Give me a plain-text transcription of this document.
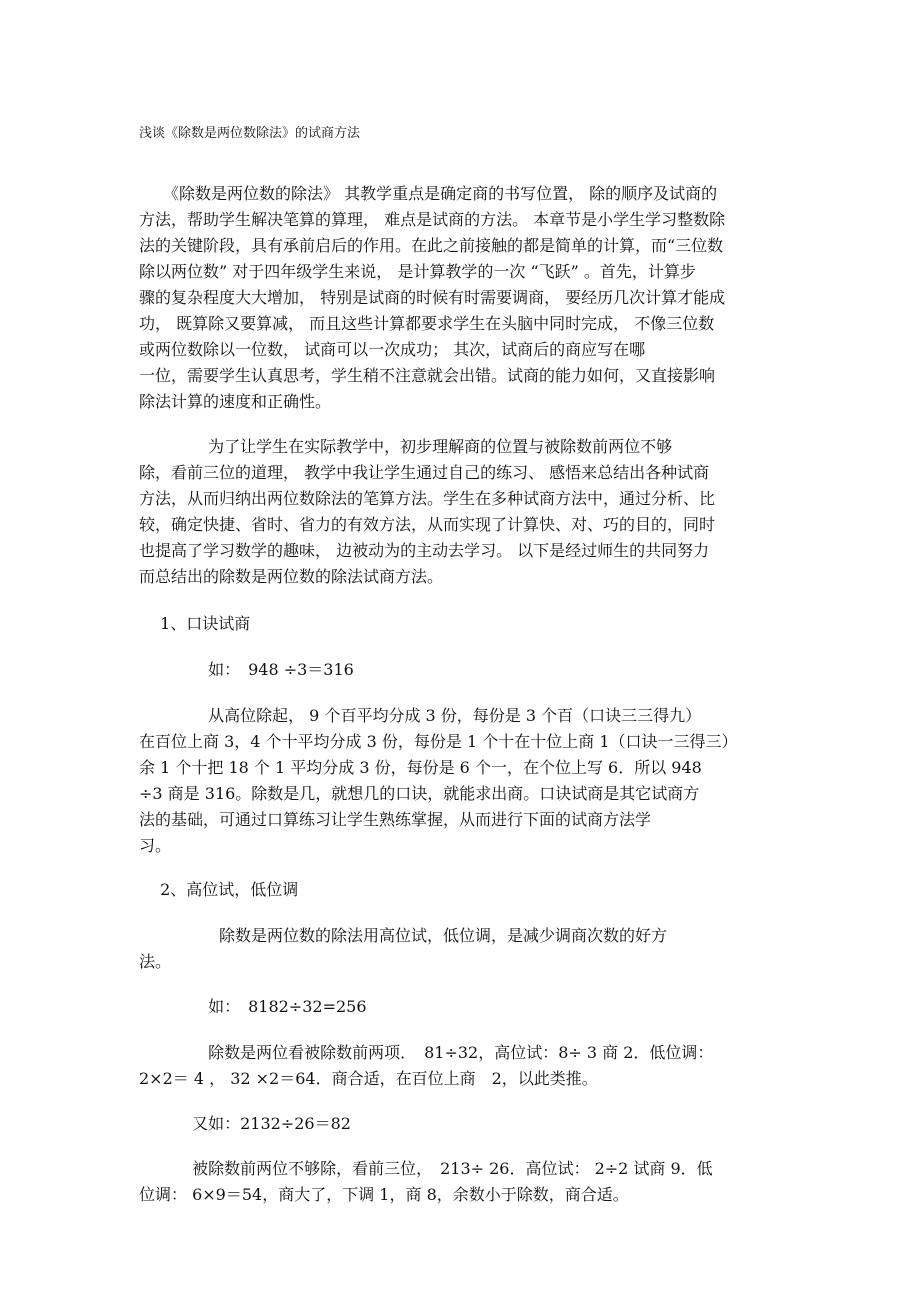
浅谈《除数是两位数除法》的试商方法
　　《除数是两位数的除法》 其教学重点是确定商的书写位置， 除的顺序及试商的
方法，帮助学生解决笔算的算理， 难点是试商的方法。 本章节是小学生学习整数除
法的关键阶段，具有承前启后的作用。在此之前接触的都是简单的计算，而“三位数
除以两位数” 对于四年级学生来说， 是计算教学的一次 “飞跃” 。首先，计算步
骤的复杂程度大大增加， 特别是试商的时候有时需要调商， 要经历几次计算才能成
功， 既算除又要算减， 而且这些计算都要求学生在头脑中同时完成， 不像三位数
或两位数除以一位数， 试商可以一次成功； 其次，试商后的商应写在哪
一位，需要学生认真思考，学生稍不注意就会出错。试商的能力如何，又直接影响
除法计算的速度和正确性。
　　　　 为了让学生在实际教学中，初步理解商的位置与被除数前两位不够
除，看前三位的道理， 教学中我让学生通过自己的练习、 感悟来总结出各种试商
方法，从而归纳出两位数除法的笔算方法。学生在多种试商方法中，通过分析、比
较，确定快捷、省时、省力的有效方法，从而实现了计算快、对、巧的目的，同时
也提高了学习数学的趣味， 边被动为的主动去学习。 以下是经过师生的共同努力
而总结出的除数是两位数的除法试商方法。
　 1、口诀试商
　　　　 如：　948 ÷3＝316
　　　　 从高位除起， 9 个百平均分成 3 份，每份是 3 个百（口诀三三得九）
在百位上商 3，4 个十平均分成 3 份，每份是 1 个十在十位上商 1（口诀一三得三）
余 1 个十把 18 个 1 平均分成 3 份，每份是 6 个一，在个位上写 6．所以 948
÷3 商是 316。除数是几，就想几的口诀，就能求出商。口诀试商是其它试商方
法的基础，可通过口算练习让学生熟练掌握，从而进行下面的试商方法学
习。
　 2、高位试，低位调
　　　　　除数是两位数的除法用高位试，低位调，是减少调商次数的好方
法。
　　　　 如：　8182÷32=256
　　　　 除数是两位看被除数前两项．　81÷32，高位试：8÷ 3 商 2．低位调：
2×2＝ 4 ， 32 ×2＝64．商合适，在百位上商　2，以此类推。
　　　 又如：2132÷26＝82
　　　 被除数前两位不够除，看前三位，　213÷ 26．高位试： 2÷2 试商 9．低
位调： 6×9＝54，商大了，下调 1，商 8，余数小于除数，商合适。
